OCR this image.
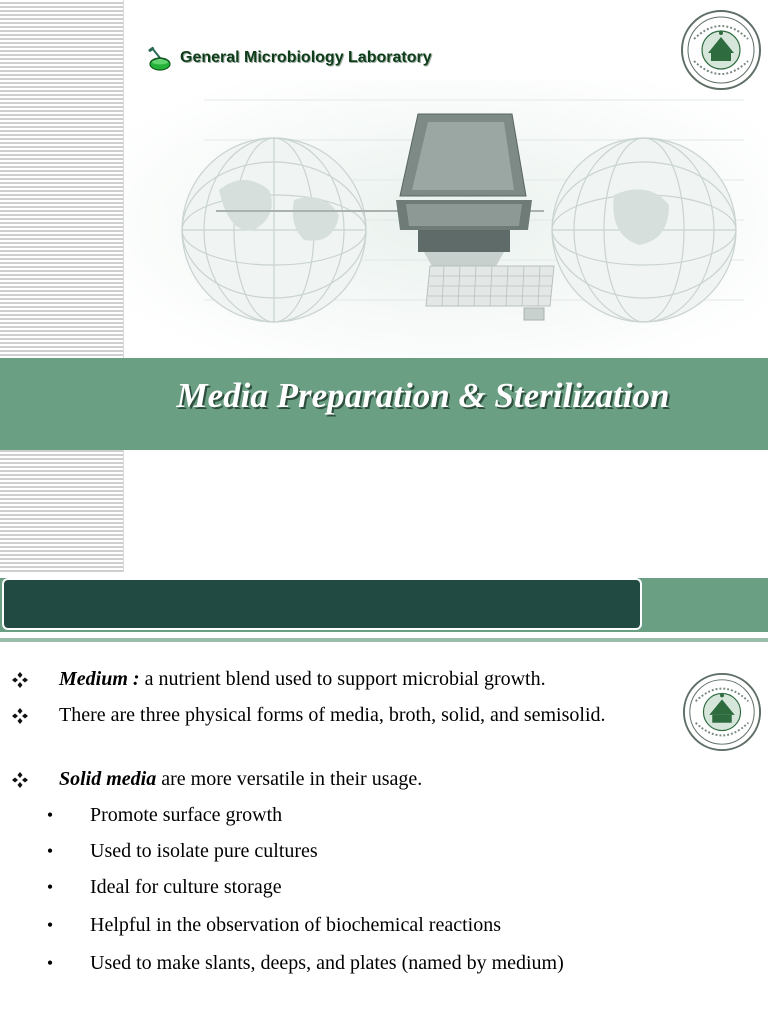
General Microbiology Laboratory
Media Preparation & Sterilization
Medium : a nutrient blend used to support microbial growth.
There are three physical forms of media, broth, solid, and semisolid.
Solid media are more versatile in their usage.
• Promote surface growth
• Used to isolate pure cultures
• Ideal for culture storage
• Helpful in the observation of biochemical reactions
• Used to make slants, deeps, and plates (named by medium)
